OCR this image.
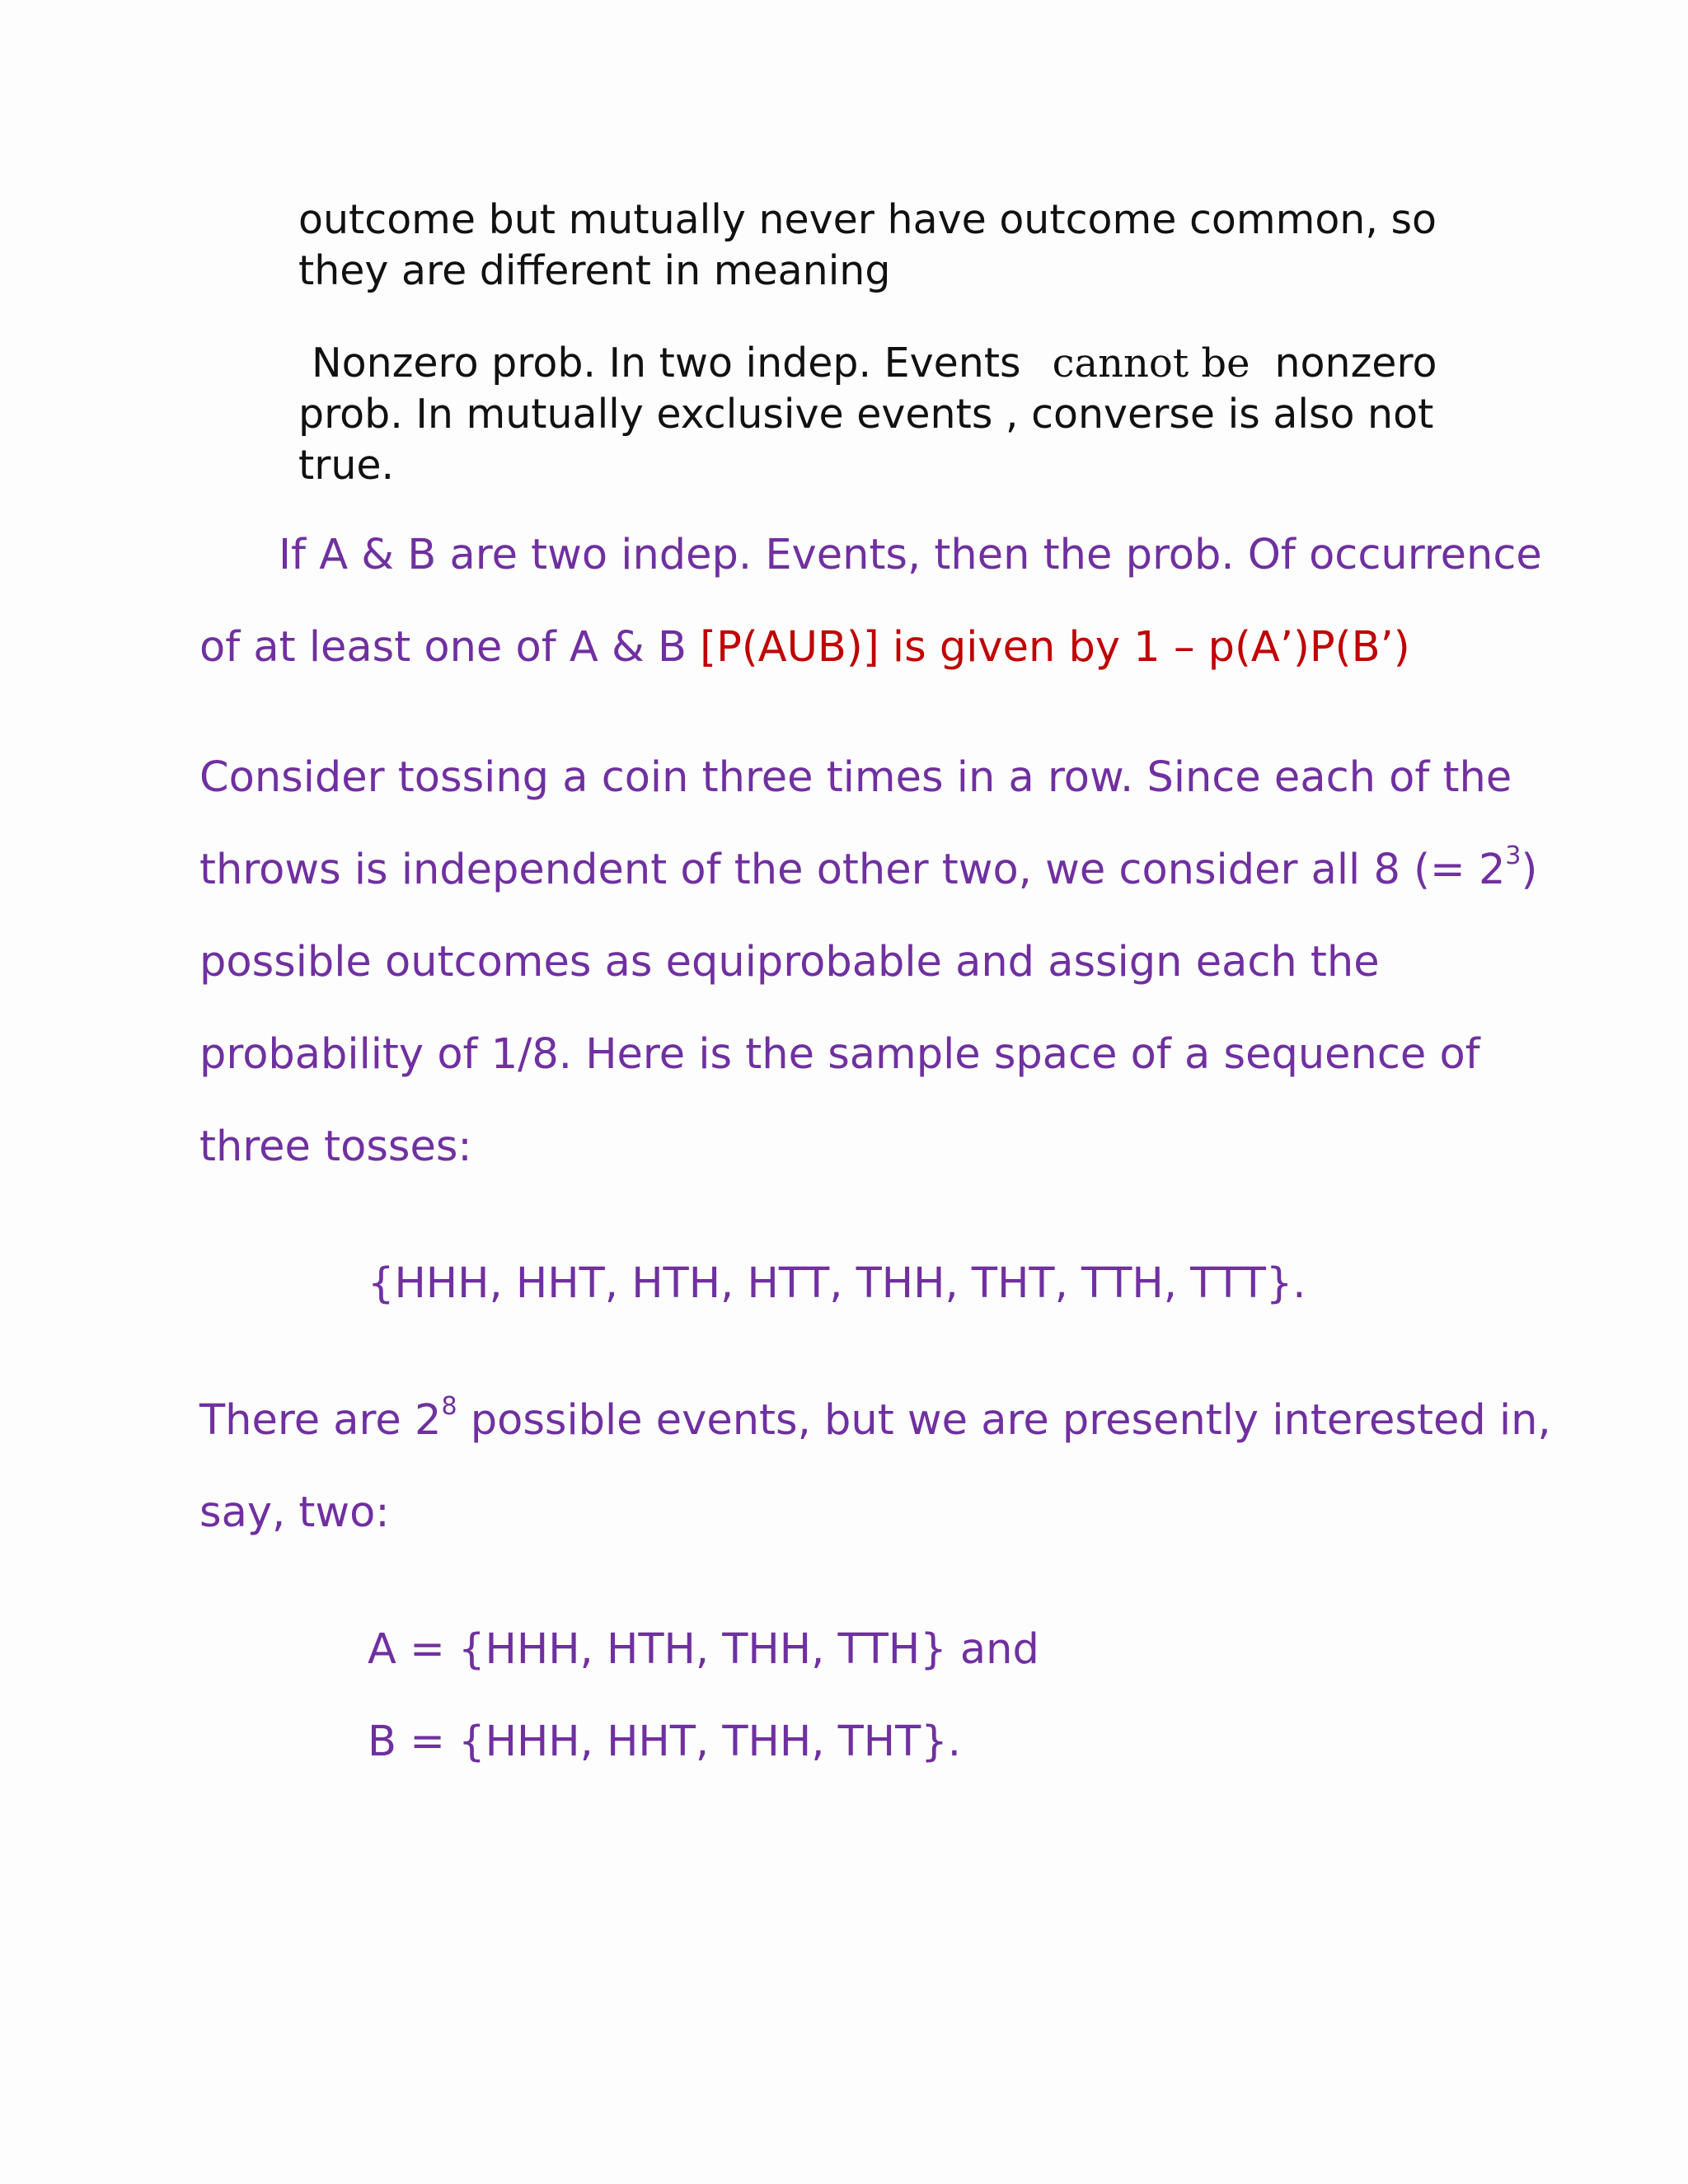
outcome but mutually never have outcome common, so

they are different in meaning

Nonzero prob. In two indep. Events cannot be nonzero

prob. In mutually exclusive events , converse is also not

true.

If A & B are two indep. Events, then the prob. Of occurrence

of at least one of A & B [P(AUB)] is given by 1 – p(A’)P(B’)

Consider tossing a coin three times in a row. Since each of the

throws is independent of the other two, we consider all 8 (= $2^3$)

possible outcomes as equiprobable and assign each the

probability of 1/8. Here is the sample space of a sequence of

three tosses:

{HHH, HHT, HTH, HTT, THH, THT, TTH, TTT}.

There are $2^8$ possible events, but we are presently interested in,

say, two:

A = {HHH, HTH, THH, TTH} and

B = {HHH, HHT, THH, THT}.
